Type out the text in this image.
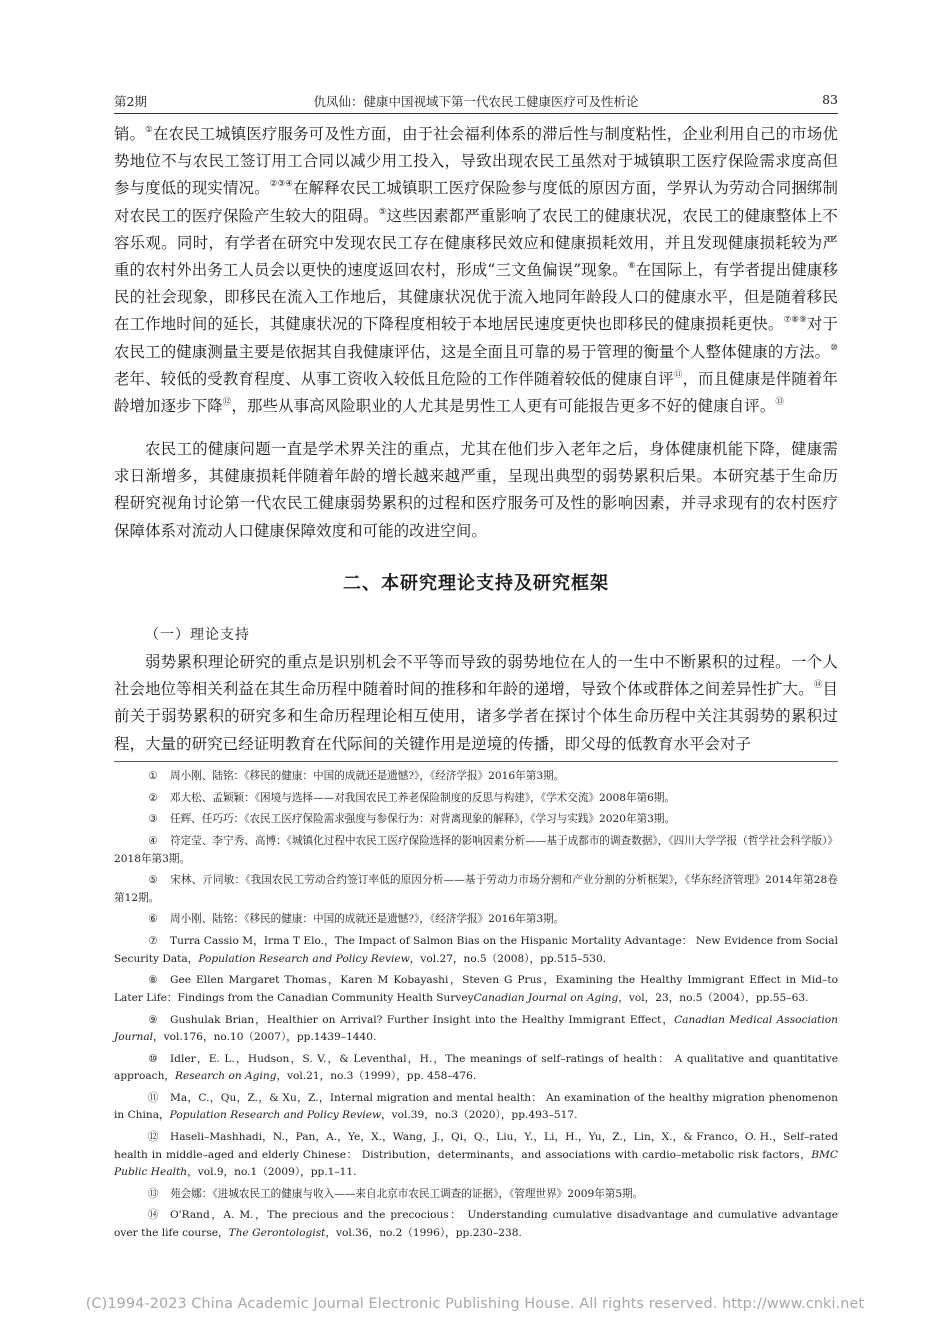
第2期	仇凤仙：健康中国视域下第一代农民工健康医疗可及性析论	83
销。①在农民工城镇医疗服务可及性方面，由于社会福利体系的滞后性与制度粘性，企业利用自己的市场优势地位不与农民工签订用工合同以减少用工投入，导致出现农民工虽然对于城镇职工医疗保险需求度高但参与度低的现实情况。②③④在解释农民工城镇职工医疗保险参与度低的原因方面，学界认为劳动合同捆绑制对农民工的医疗保险产生较大的阻碍。⑤这些因素都严重影响了农民工的健康状况，农民工的健康整体上不容乐观。同时，有学者在研究中发现农民工存在健康移民效应和健康损耗效用，并且发现健康损耗较为严重的农村外出务工人员会以更快的速度返回农村，形成“三文鱼偏误”现象。⑥在国际上，有学者提出健康移民的社会现象，即移民在流入工作地后，其健康状况优于流入地同年龄段人口的健康水平，但是随着移民在工作地时间的延长，其健康状况的下降程度相较于本地居民速度更快也即移民的健康损耗更快。⑦⑧⑨对于农民工的健康测量主要是依据其自我健康评估，这是全面且可靠的易于管理的衡量个人整体健康的方法。⑩老年、较低的受教育程度、从事工资收入较低且危险的工作伴随着较低的健康自评⑪，而且健康是伴随着年龄增加逐步下降⑫，那些从事高风险职业的人尤其是男性工人更有可能报告更多不好的健康自评。⑬
农民工的健康问题一直是学术界关注的重点，尤其在他们步入老年之后，身体健康机能下降，健康需求日渐增多，其健康损耗伴随着年龄的增长越来越严重，呈现出典型的弱势累积后果。本研究基于生命历程研究视角讨论第一代农民工健康弱势累积的过程和医疗服务可及性的影响因素，并寻求现有的农村医疗保障体系对流动人口健康保障效度和可能的改进空间。
二、本研究理论支持及研究框架
（一）理论支持
弱势累积理论研究的重点是识别机会不平等而导致的弱势地位在人的一生中不断累积的过程。一个人社会地位等相关利益在其生命历程中随着时间的推移和年龄的递增，导致个体或群体之间差异性扩大。⑭目前关于弱势累积的研究多和生命历程理论相互使用，诸多学者在探讨个体生命历程中关注其弱势的累积过程，大量的研究已经证明教育在代际间的关键作用是逆境的传播，即父母的低教育水平会对子
① 周小刚、陆铭：《移民的健康：中国的成就还是遗憾?》，《经济学报》2016年第3期。
② 邓大松、孟颖颖：《困境与选择——对我国农民工养老保险制度的反思与构建》，《学术交流》2008年第6期。
③ 任辉、任巧巧：《农民工医疗保险需求强度与参保行为：对背离现象的解释》，《学习与实践》2020年第3期。
④ 符定莹、李宁秀、高博：《城镇化过程中农民工医疗保险选择的影响因素分析——基于成都市的调查数据》，《四川大学学报（哲学社会科学版）》2018年第3期。
⑤ 宋林、亓同敏：《我国农民工劳动合约签订率低的原因分析——基于劳动力市场分割和产业分割的分析框架》，《华东经济管理》2014年第28卷第12期。
⑥ 周小刚、陆铭：《移民的健康：中国的成就还是遗憾?》，《经济学报》2016年第3期。
⑦ Turra Cassio M，Irma T Elo.，The Impact of Salmon Bias on the Hispanic Mortality Advantage： New Evidence from Social Security Data，Population Research and Policy Review，vol.27，no.5（2008），pp.515–530.
⑧ Gee Ellen Margaret Thomas，Karen M Kobayashi，Steven G Prus，Examining the Healthy Immigrant Effect in Mid–to Later Life：Findings from the Canadian Community Health SurveyCanadian Journal on Aging，vol，23，no.5（2004），pp.55–63.
⑨ Gushulak Brian，Healthier on Arrival? Further Insight into the Healthy Immigrant Effect，Canadian Medical Association Journal，vol.176，no.10（2007），pp.1439–1440.
⑩ Idler，E. L.，Hudson，S. V.，& Leventhal，H.，The meanings of self–ratings of health： A qualitative and quantitative approach，Research on Aging，vol.21，no.3（1999），pp. 458–476.
⑪ Ma，C.，Qu，Z.，& Xu，Z.，Internal migration and mental health： An examination of the healthy migration phenomenon in China，Population Research and Policy Review，vol.39，no.3（2020），pp.493–517.
⑫ Haseli–Mashhadi，N.，Pan，A.，Ye，X.，Wang，J.，Qi，Q.，Liu，Y.，Li，H.，Yu，Z.，Lin，X.，& Franco，O. H.，Self–rated health in middle–aged and elderly Chinese： Distribution，determinants，and associations with cardio–metabolic risk factors，BMC Public Health，vol.9，no.1（2009），pp.1–11.
⑬ 苑会娜：《进城农民工的健康与收入——来自北京市农民工调查的证据》，《管理世界》2009年第5期。
⑭ O'Rand，A. M.，The precious and the precocious： Understanding cumulative disadvantage and cumulative advantage over the life course，The Gerontologist，vol.36，no.2（1996），pp.230–238.
(C)1994-2023 China Academic Journal Electronic Publishing House. All rights reserved. http://www.cnki.net
